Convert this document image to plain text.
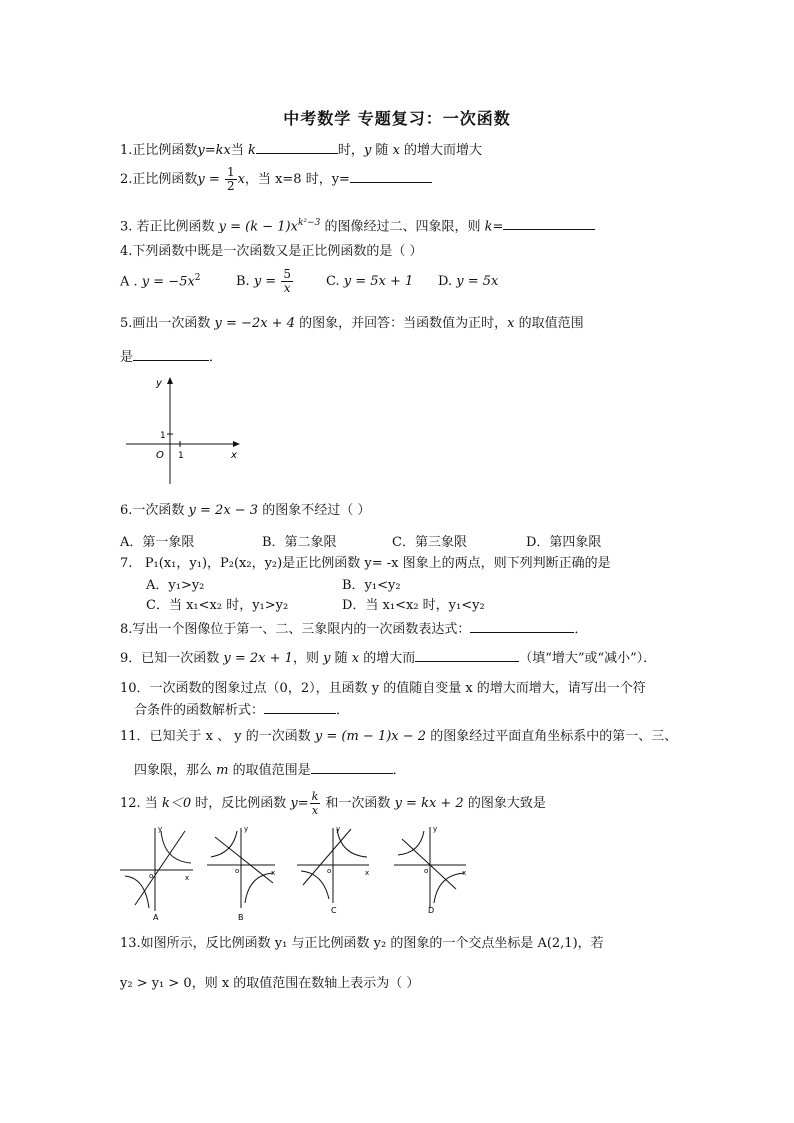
中考数学 专题复习：一次函数
1.正比例函数y=kx当 k	时，y 随 x 的增大而增大
2.正比例函数$y = \frac{1}{2}$ x，当 x=8 时，y=
3. 若正比例函数 $y = (k - 1)x^{k^2-3}$ 的图像经过二、四象限，则 k=
4.下列函数中既是一次函数又是正比例函数的是（ ）
A . $y = -5x^2$	B. $y = \frac{5}{x}$	C. y = 5x + 1 D. y = 5x
5.画出一次函数 y = −2x + 4 的图象，并回答：当函数值为正时，x 的取值范围
是	．
y
x
O 1
1
6.一次函数 y = 2x − 3 的图象不经过（ ）
A．第一象限	B．第二象限	C．第三象限	D．第四象限
7.   P₁(x₁，y₁)，P₂(x₂，y₂)是正比例函数 y= -x 图象上的两点，则下列判断正确的是
A．y₁>y₂	B．y₁<y₂
C．当 x₁<x₂ 时，y₁>y₂	D．当 x₁<x₂ 时，y₁<y₂
8.写出一个图像位于第一、二、三象限内的一次函数表达式：	．
9．已知一次函数 y = 2x + 1，则 y 随 x 的增大而	（填“增大”或“减小”）．
10．一次函数的图象过点（0，2），且函数 y 的值随自变量 x 的增大而增大，请写出一个符
合条件的函数解析式：	．
11．已知关于 x 、 y 的一次函数 y = (m − 1)x − 2 的图象经过平面直角坐标系中的第一、三、
四象限，那么 m 的取值范围是	．
12. 当 k＜0 时，反比例函数 $y= \frac{k}{x}$ 和一次函数 y = kx + 2 的图象大致是
y
x
o
A
y
x
o
B
y
x
o
C
y
x
o
D
13.如图所示，反比例函数 y₁ 与正比例函数 y₂ 的图象的一个交点坐标是 A(2,1)，若
y₂ > y₁ > 0，则 x 的取值范围在数轴上表示为（ ）
